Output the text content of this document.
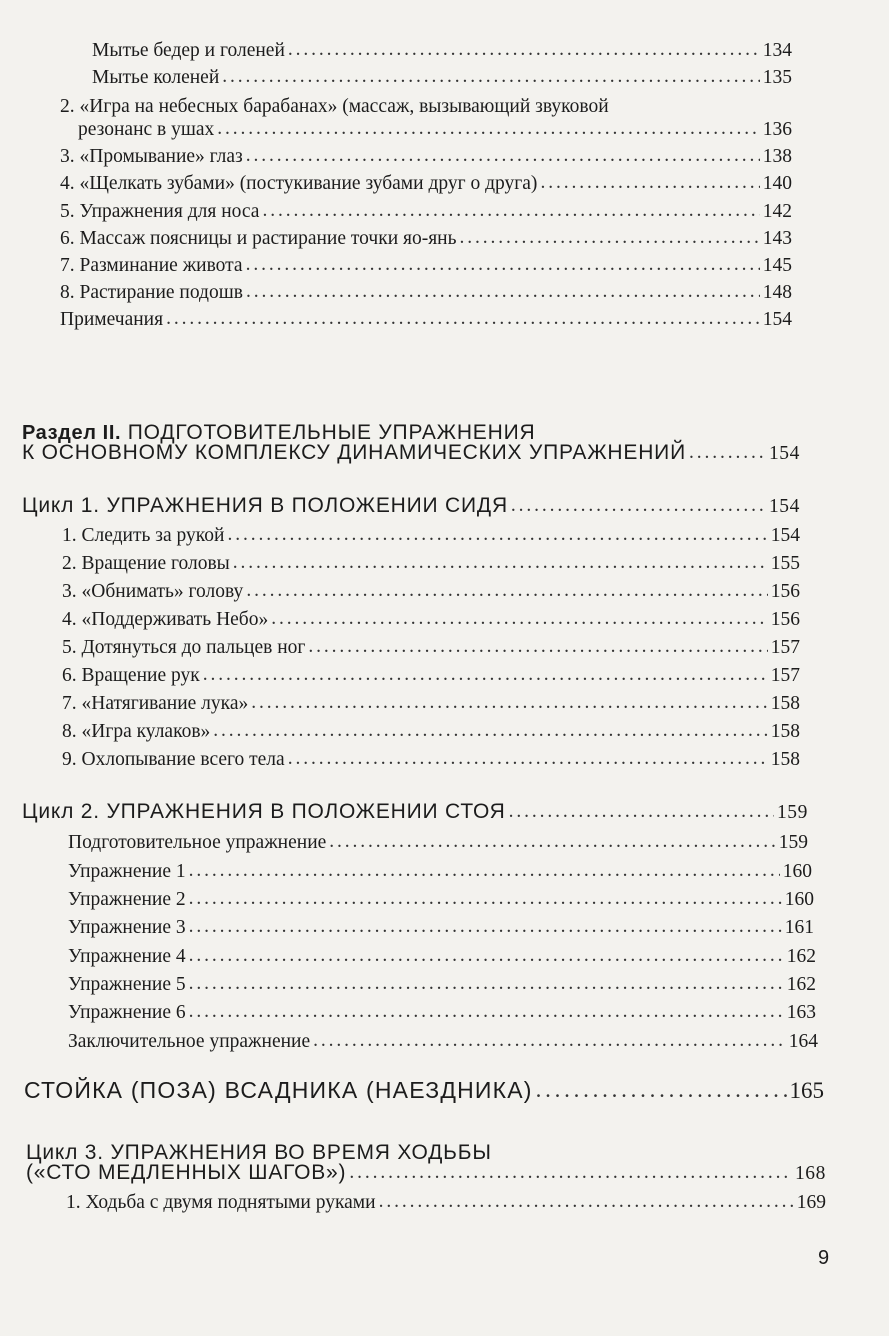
Мытье бедер и голеней . . .	134
Мытье коленей . . .	135
2. «Игра на небесных барабанах» (массаж, вызывающий звуковой
резонанс в ушах . . .	136
3. «Промывание» глаз . . .	138
4. «Щелкать зубами» (постукивание зубами друг о друга) . . .	140
5. Упражнения для носа . . .	142
6. Массаж поясницы и растирание точки яо-янь . . .	143
7. Разминание живота . . .	145
8. Растирание подошв . . .	148
Примечания . . .	154
Раздел II. ПОДГОТОВИТЕЛЬНЫЕ УПРАЖНЕНИЯ
К ОСНОВНОМУ КОМПЛЕКСУ ДИНАМИЧЕСКИХ УПРАЖНЕНИЙ . . .	154
Цикл 1. УПРАЖНЕНИЯ В ПОЛОЖЕНИИ СИДЯ . . .	154
1. Следить за рукой . . .	154
2. Вращение головы . . .	155
3. «Обнимать» голову . . .	156
4. «Поддерживать Небо» . . .	156
5. Дотянуться до пальцев ног . . .	157
6. Вращение рук . . .	157
7. «Натягивание лука» . . .	158
8. «Игра кулаков» . . .	158
9. Охлопывание всего тела . . .	158
Цикл 2. УПРАЖНЕНИЯ В ПОЛОЖЕНИИ СТОЯ . . .	159
Подготовительное упражнение . . .	159
Упражнение 1 . . .	160
Упражнение 2 . . .	160
Упражнение 3 . . .	161
Упражнение 4 . . .	162
Упражнение 5 . . .	162
Упражнение 6 . . .	163
Заключительное упражнение . . .	164
СТОЙКА (ПОЗА) ВСАДНИКА (НАЕЗДНИКА) . . .	165
Цикл 3. УПРАЖНЕНИЯ ВО ВРЕМЯ ХОДЬБЫ
(«СТО МЕДЛЕННЫХ ШАГОВ») . . .	168
1. Ходьба с двумя поднятыми руками . . .	169
9
